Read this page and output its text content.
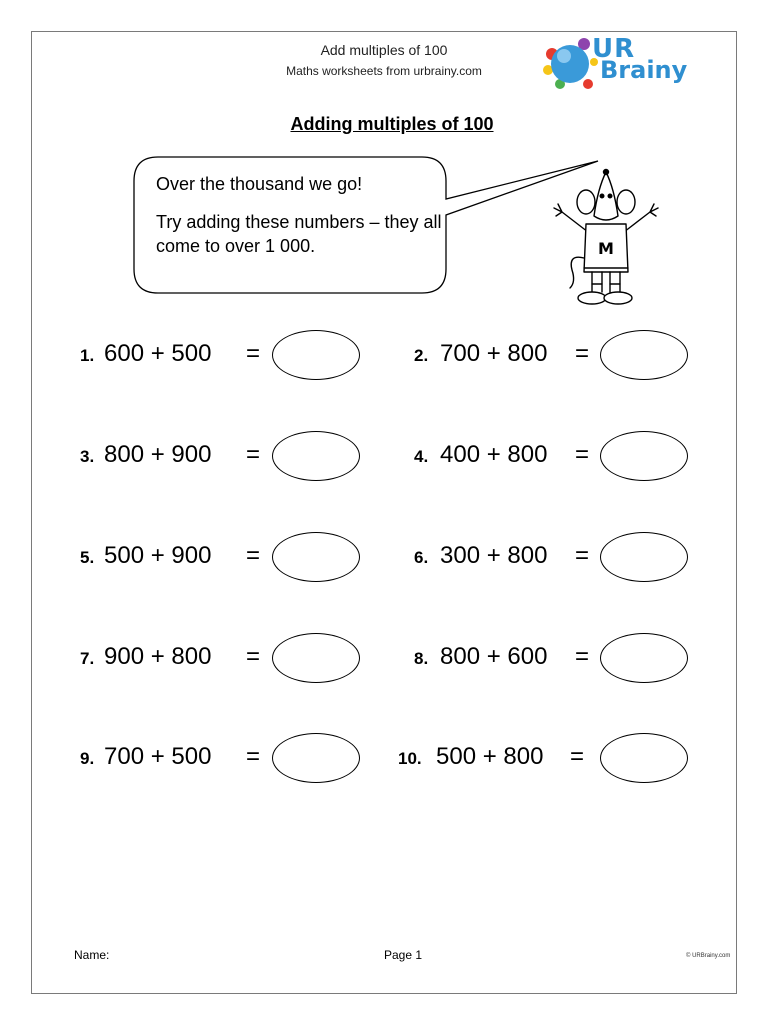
Add multiples of 100
Maths worksheets from urbrainy.com
UR
Brainy
Adding multiples of 100
Over the thousand we go!
Try adding these numbers – they all come to over 1 000.	M
1. 600 + 500 =	2. 700 + 800 =
3. 800 + 900 =	4. 400 + 800 =
5. 500 + 900 =	6. 300 + 800 =
7. 900 + 800 =	8. 800 + 600 =
9. 700 + 500 =	10. 500 + 800 =
Name:	Page 1	© URBrainy.com
